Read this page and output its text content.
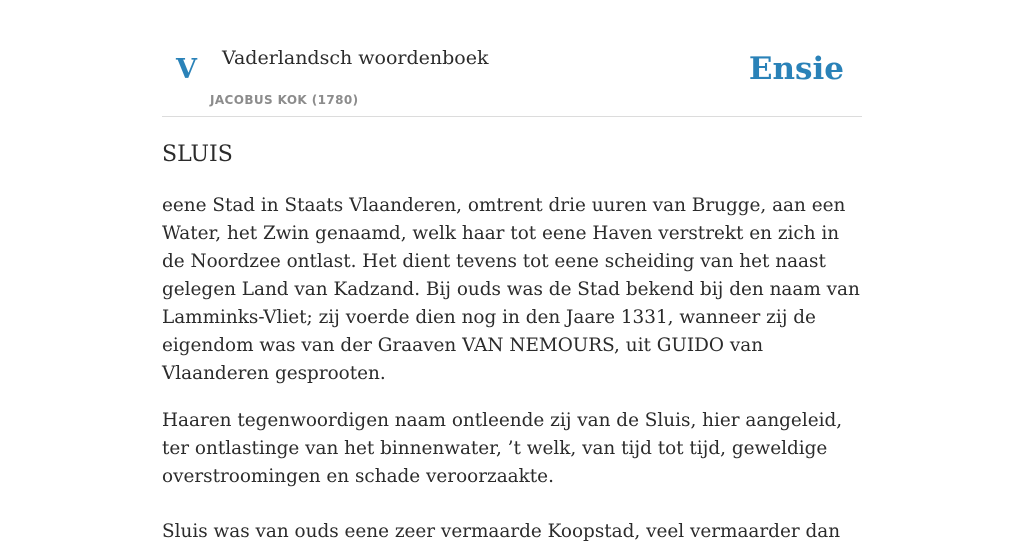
V Vaderlandsch woordenboek
JACOBUS KOK (1780)
Ensie
SLUIS

eene Stad in Staats Vlaanderen, omtrent drie uuren van Brugge, aan een Water, het Zwin genaamd, welk haar tot eene Haven verstrekt en zich in de Noordzee ontlast. Het dient tevens tot eene scheiding van het naast gelegen Land van Kadzand. Bij ouds was de Stad bekend bij den naam van Lamminks-Vliet; zij voerde dien nog in den Jaare 1331, wanneer zij de eigendom was van der Graaven VAN NEMOURS, uit GUIDO van Vlaanderen gesprooten.

Haaren tegenwoordigen naam ontleende zij van de Sluis, hier aangeleid, ter ontlastinge van het binnenwater, ’t welk, van tijd tot tijd, geweldige overstroomingen en schade veroorzaakte.

Sluis was van ouds eene zeer vermaarde Koopstad, veel vermaarder dan
